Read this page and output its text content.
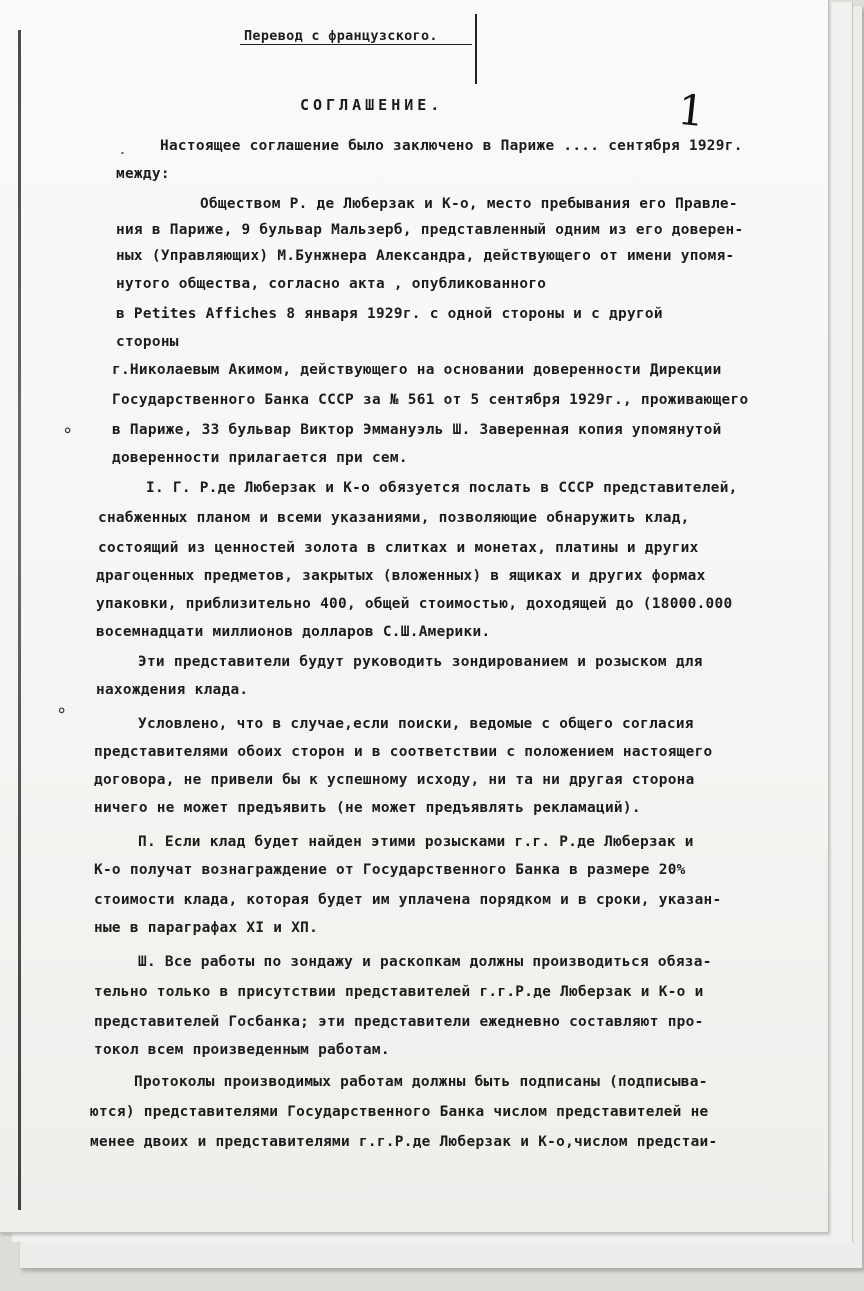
Перевод с французского.
1
СОГЛАШЕНИЕ.
Настоящее соглашение было заключено в Париже .... сентября 1929г.
между:
Обществом Р. де Люберзак и К-о, место пребывания его Правле-
ния в Париже, 9 бульвар Мальзерб, представленный одним из его доверен-
ных (Управляющих) М.Бунжнера Александра, действующего от имени упомя-
нутого общества, согласно акта , опубликованного
в Petites Affiches 8 января 1929г. с одной стороны и с другой
стороны
г.Николаевым Акимом, действующего на основании доверенности Дирекции
Государственного Банка СССР за № 561 от 5 сентября 1929г., проживающего
в Париже, 33 бульвар Виктор Эммануэль Ш. Заверенная копия упомянутой
доверенности прилагается при сем.
I. Г. Р.де Люберзак и К-о обязуется послать в СССР представителей,
снабженных планом и всеми указаниями, позволяющие обнаружить клад,
состоящий из ценностей золота в слитках и монетах, платины и других
драгоценных предметов, закрытых (вложенных) в ящиках и других формах
упаковки, приблизительно 400, общей стоимостью, доходящей до (18000.000
восемнадцати миллионов долларов С.Ш.Америки.
Эти представители будут руководить зондированием и розыском для
нахождения клада.
Условлено, что в случае,если поиски, ведомые с общего согласия
представителями обоих сторон и в соответствии с положением настоящего
договора, не привели бы к успешному исходу, ни та ни другая сторона
ничего не может предъявить (не может предъявлять рекламаций).
П. Если клад будет найден этими розысками г.г. Р.де Люберзак и
К-о получат вознаграждение от Государственного Банка в размере 20%
стоимости клада, которая будет им уплачена порядком и в сроки, указан-
ные в параграфах XI и XП.
Ш. Все работы по зондажу и раскопкам должны производиться обяза-
тельно только в присутствии представителей г.г.Р.де Люберзак и К-о и
представителей Госбанка; эти представители ежедневно составляют про-
токол всем произведенным работам.
Протоколы производимых работам должны быть подписаны (подписыва-
ются) представителями Государственного Банка числом представителей не
менее двоих и представителями г.г.Р.де Люберзак и К-о,числом предстаи-
˙
∘
∘
